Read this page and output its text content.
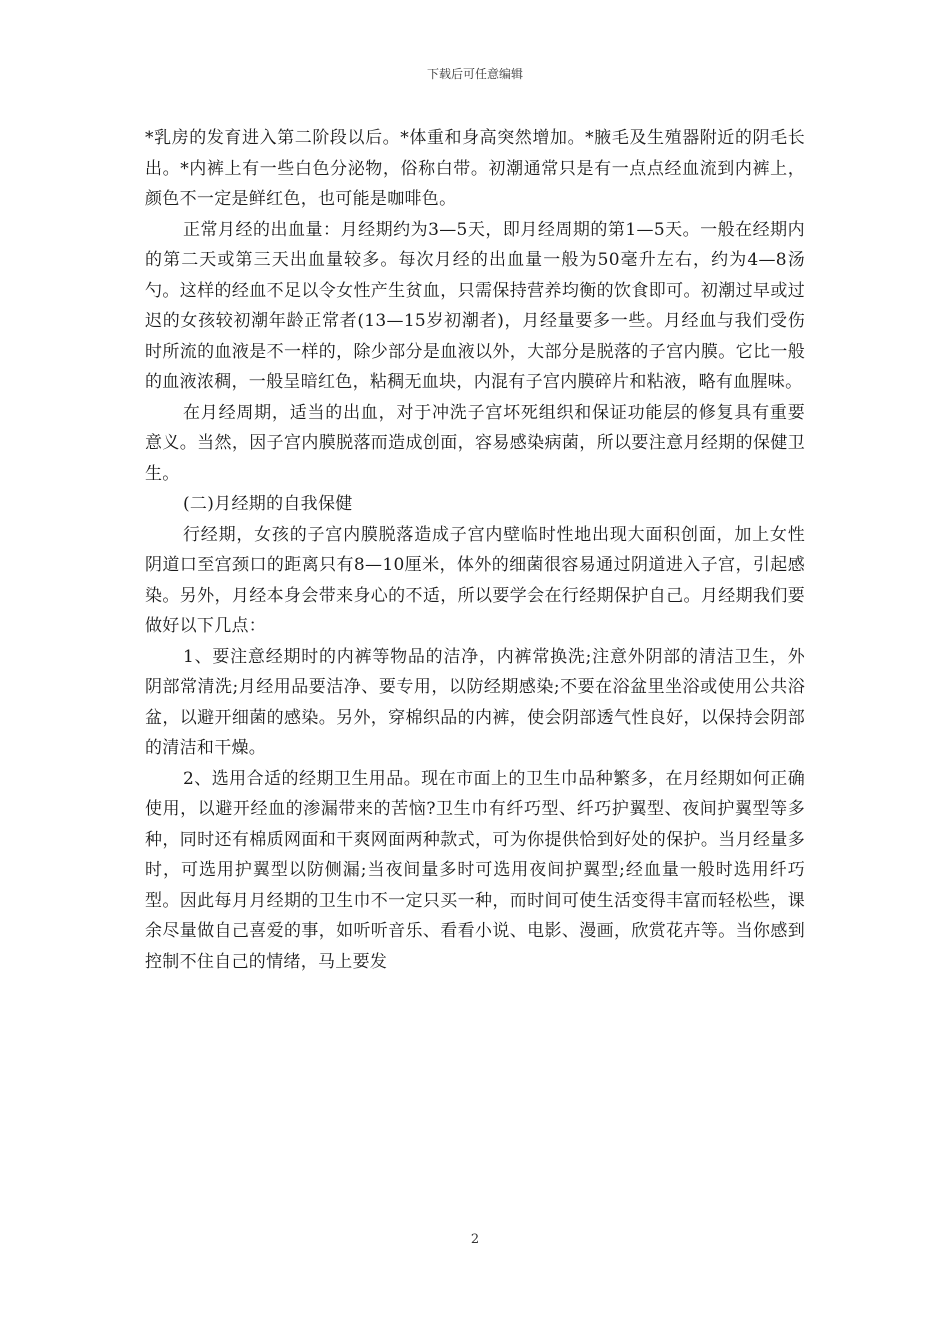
下载后可任意编辑

*乳房的发育进入第二阶段以后。*体重和身高突然增加。*腋毛及生殖器附近的阴毛长出。*内裤上有一些白色分泌物，俗称白带。初潮通常只是有一点点经血流到内裤上，颜色不一定是鲜红色，也可能是咖啡色。

正常月经的出血量：月经期约为3—5天，即月经周期的第1—5天。一般在经期内的第二天或第三天出血量较多。每次月经的出血量一般为50毫升左右，约为4—8汤勺。这样的经血不足以令女性产生贫血，只需保持营养均衡的饮食即可。初潮过早或过迟的女孩较初潮年龄正常者(13—15岁初潮者)，月经量要多一些。月经血与我们受伤时所流的血液是不一样的，除少部分是血液以外，大部分是脱落的子宫内膜。它比一般的血液浓稠，一般呈暗红色，粘稠无血块，内混有子宫内膜碎片和粘液，略有血腥味。

在月经周期，适当的出血，对于冲洗子宫坏死组织和保证功能层的修复具有重要意义。当然，因子宫内膜脱落而造成创面，容易感染病菌，所以要注意月经期的保健卫生。

(二)月经期的自我保健

行经期，女孩的子宫内膜脱落造成子宫内壁临时性地出现大面积创面，加上女性阴道口至宫颈口的距离只有8—10厘米，体外的细菌很容易通过阴道进入子宫，引起感染。另外，月经本身会带来身心的不适，所以要学会在行经期保护自己。月经期我们要做好以下几点：

1、要注意经期时的内裤等物品的洁净，内裤常换洗;注意外阴部的清洁卫生，外阴部常清洗;月经用品要洁净、要专用，以防经期感染;不要在浴盆里坐浴或使用公共浴盆，以避开细菌的感染。另外，穿棉织品的内裤，使会阴部透气性良好，以保持会阴部的清洁和干燥。

2、选用合适的经期卫生用品。现在市面上的卫生巾品种繁多，在月经期如何正确使用，以避开经血的渗漏带来的苦恼?卫生巾有纤巧型、纤巧护翼型、夜间护翼型等多种，同时还有棉质网面和干爽网面两种款式，可为你提供恰到好处的保护。当月经量多时，可选用护翼型以防侧漏;当夜间量多时可选用夜间护翼型;经血量一般时选用纤巧型。因此每月月经期的卫生巾不一定只买一种，而时间可使生活变得丰富而轻松些，课余尽量做自己喜爱的事，如听听音乐、看看小说、电影、漫画，欣赏花卉等。当你感到控制不住自己的情绪，马上要发

2
